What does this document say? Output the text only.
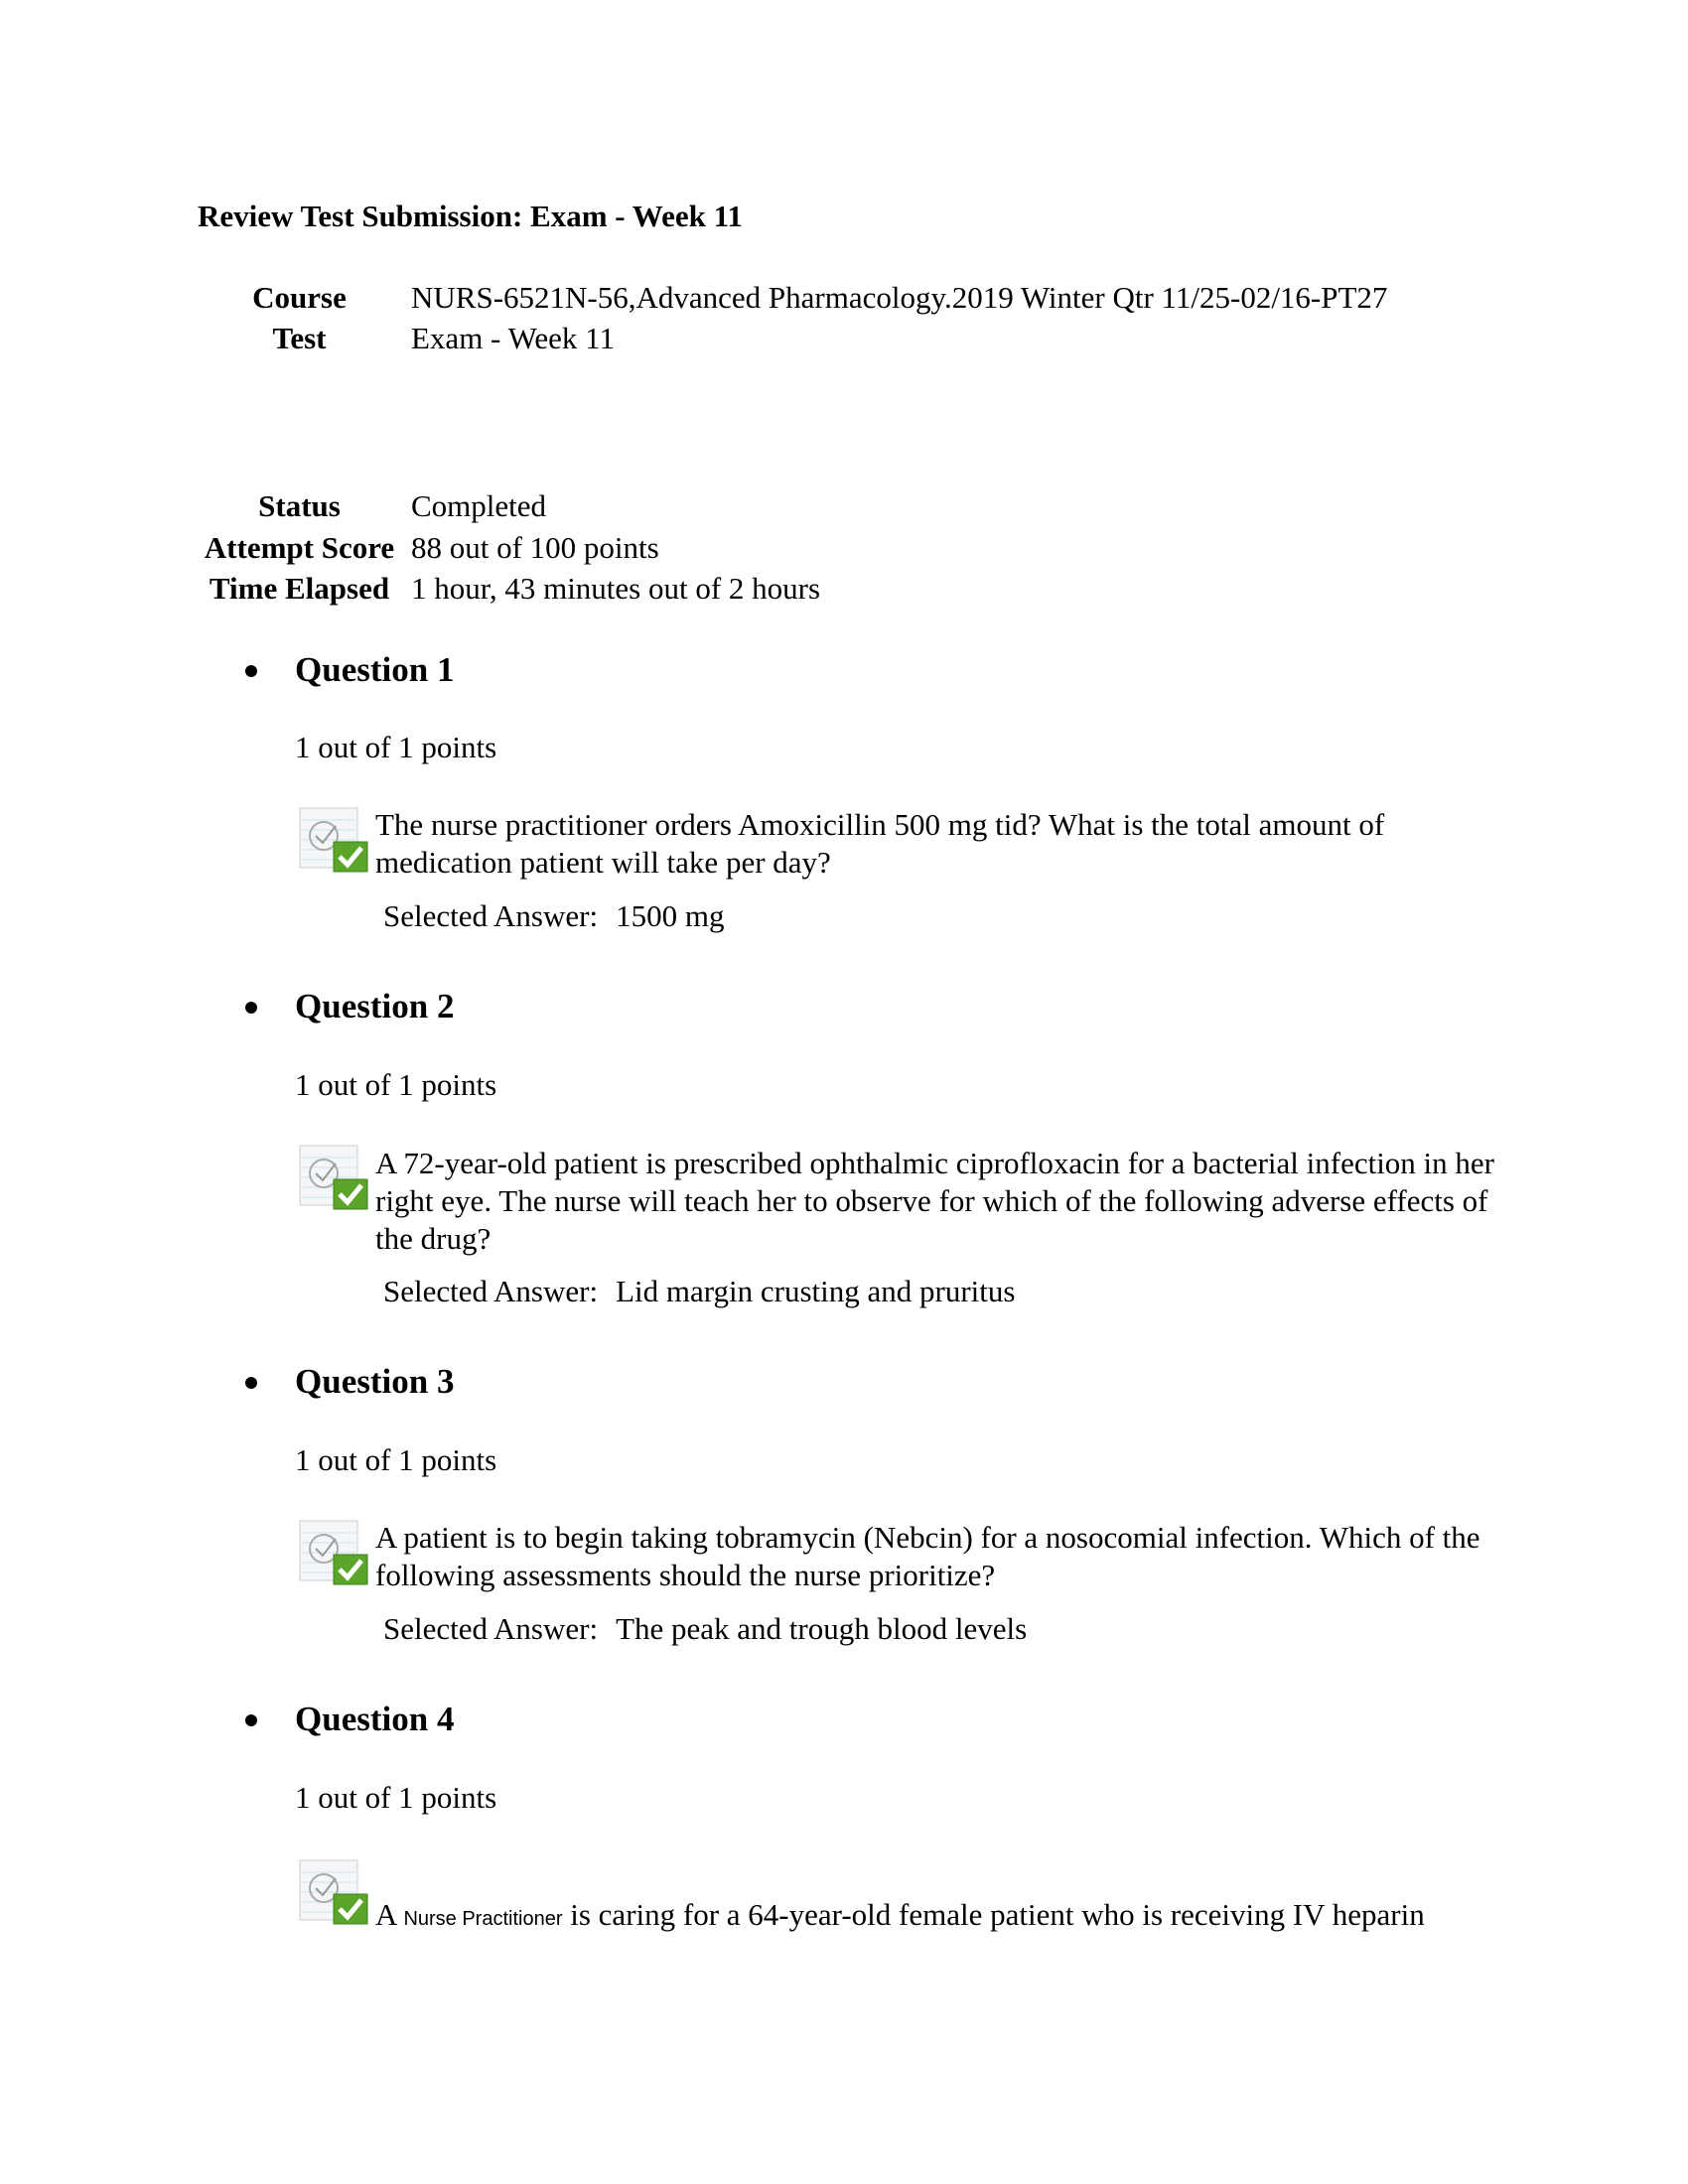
Review Test Submission: Exam - Week 11
Course	NURS-6521N-56,Advanced Pharmacology.2019 Winter Qtr 11/25-02/16-PT27
Test	Exam - Week 11
Status	Completed
Attempt Score 88 out of 100 points
Time Elapsed 1 hour, 43 minutes out of 2 hours
Question 1
1 out of 1 points
The nurse practitioner orders Amoxicillin 500 mg tid? What is the total amount of medication patient will take per day?
Selected Answer: 1500 mg
Question 2
1 out of 1 points
A 72-year-old patient is prescribed ophthalmic ciprofloxacin for a bacterial infection in her right eye. The nurse will teach her to observe for which of the following adverse effects of the drug?
Selected Answer: Lid margin crusting and pruritus
Question 3
1 out of 1 points
A patient is to begin taking tobramycin (Nebcin) for a nosocomial infection. Which of the following assessments should the nurse prioritize?
Selected Answer: The peak and trough blood levels
Question 4
1 out of 1 points
A Nurse Practitioner is caring for a 64-year-old female patient who is receiving IV heparin
